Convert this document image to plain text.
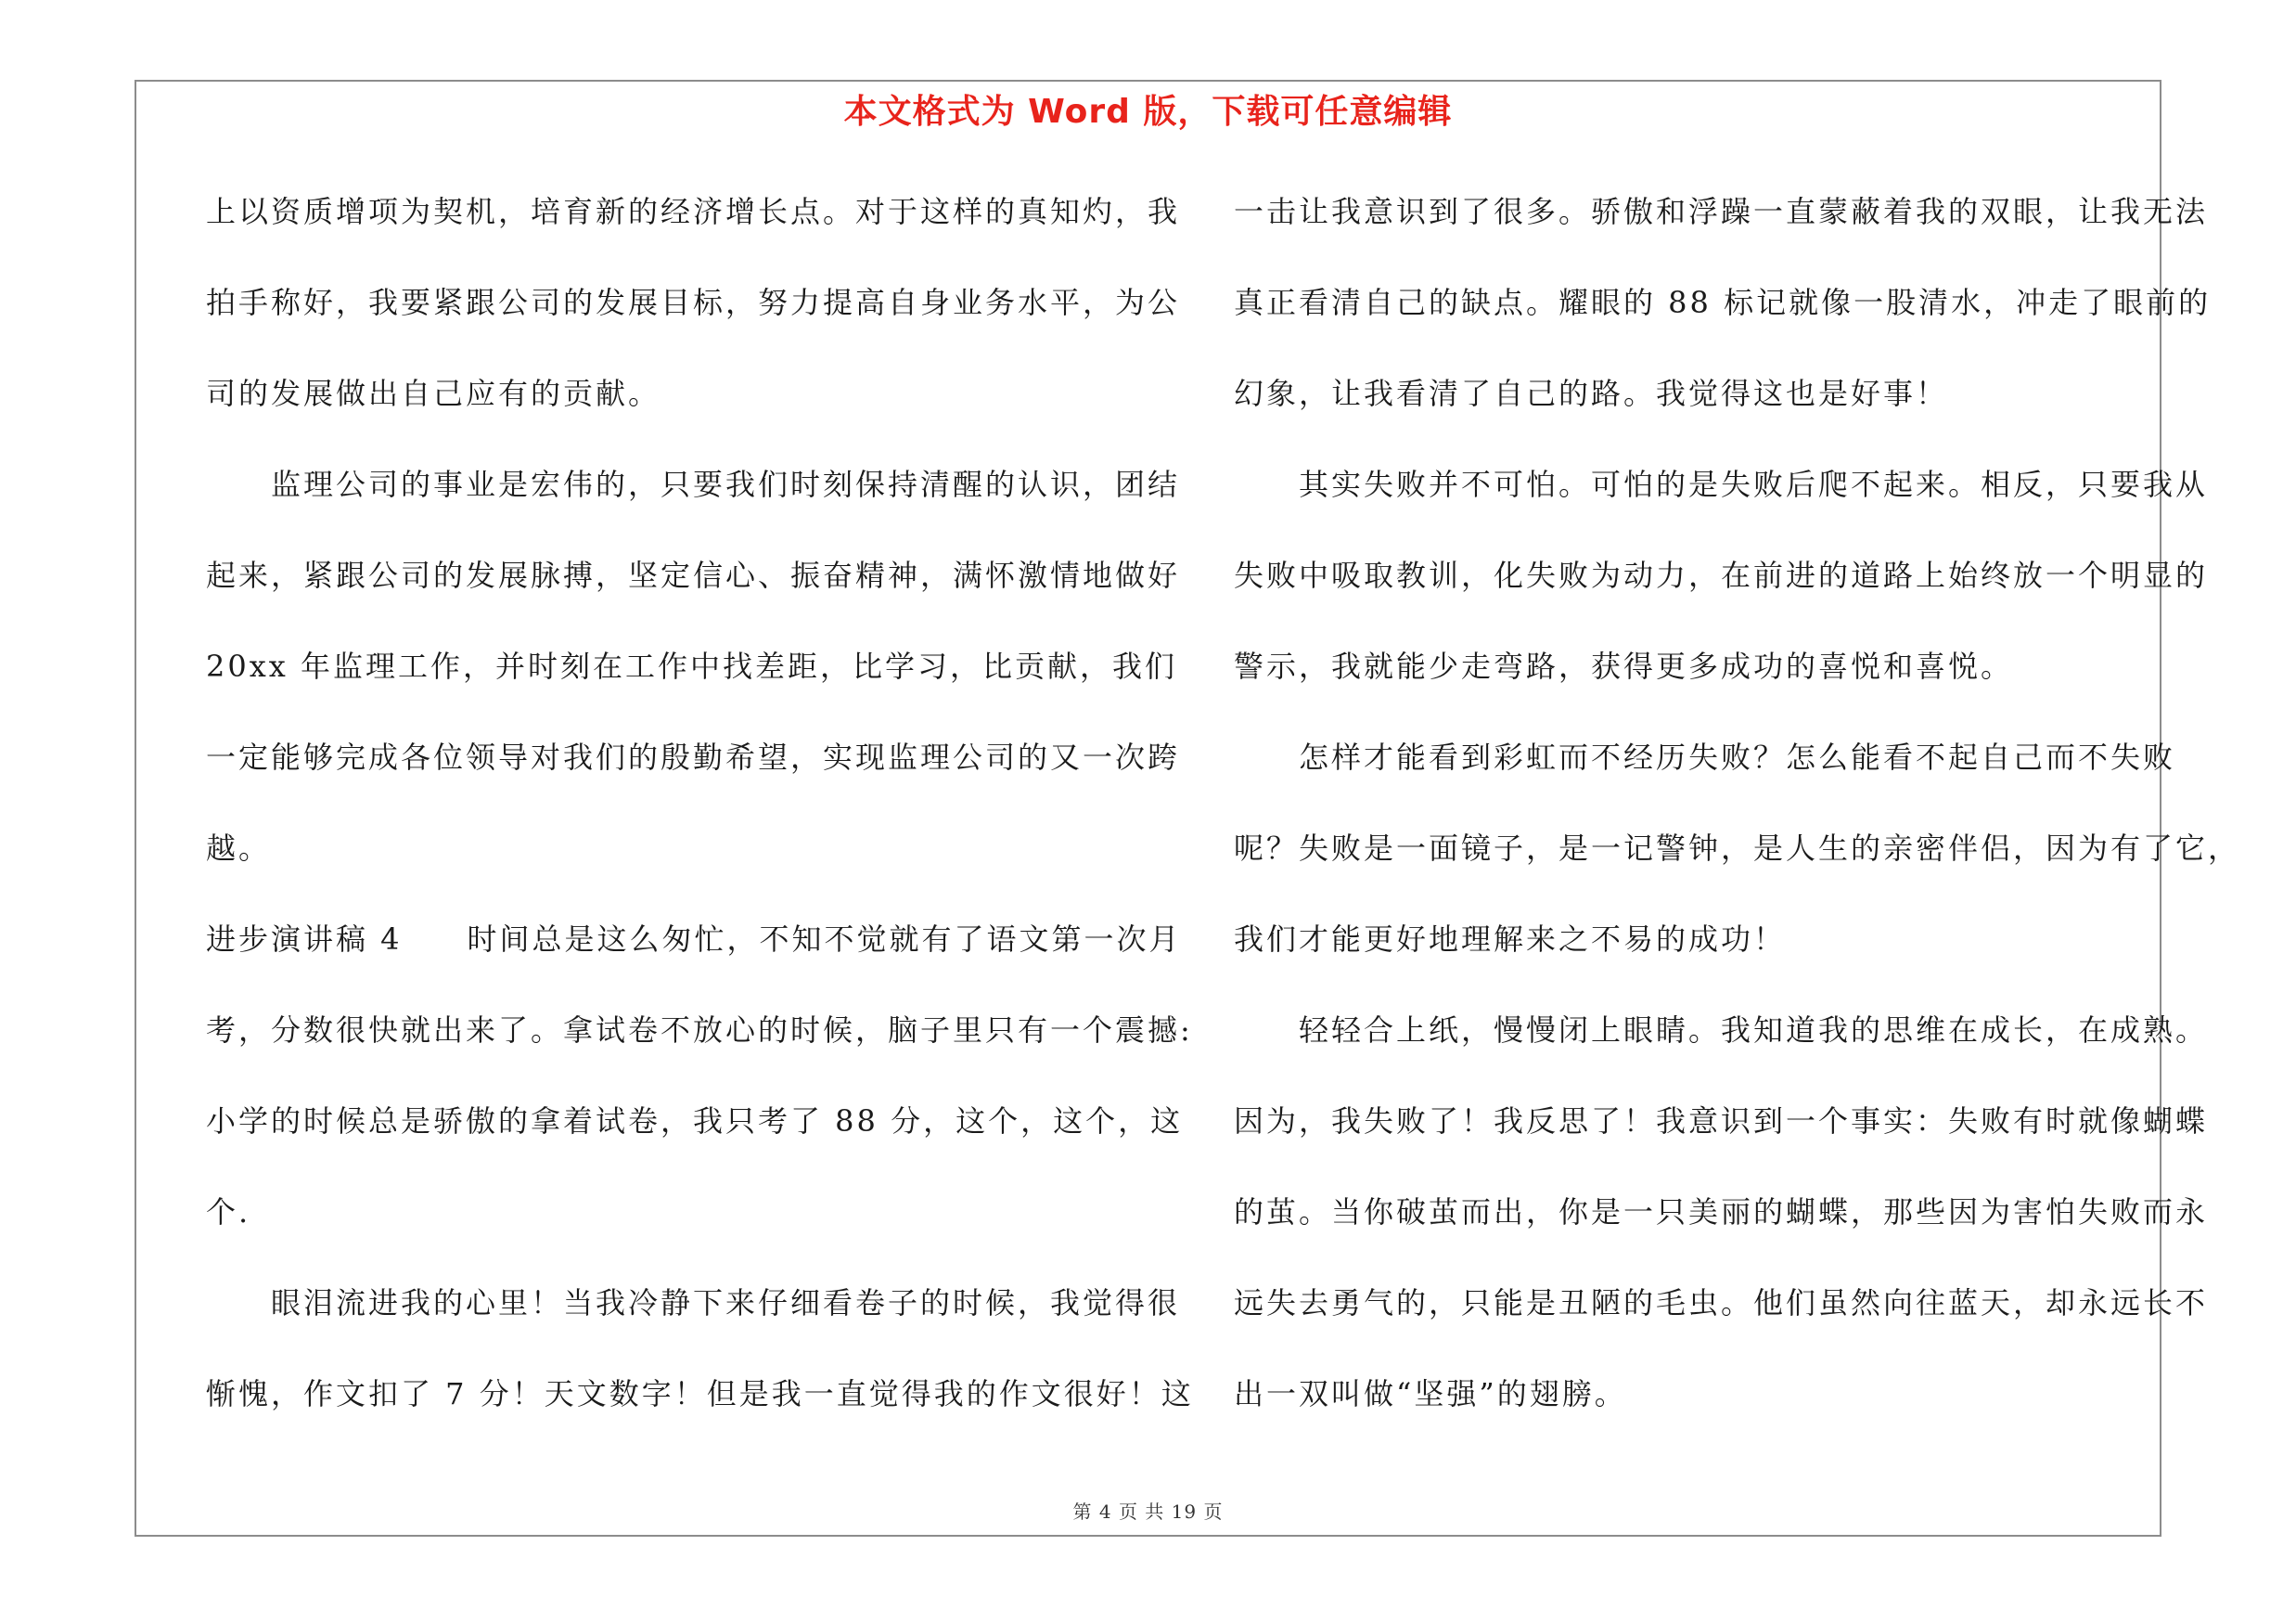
本文格式为 Word 版，下载可任意编辑
上以资质增项为契机，培育新的经济增长点。对于这样的真知灼，我
拍手称好，我要紧跟公司的发展目标，努力提高自身业务水平，为公
司的发展做出自己应有的贡献。
　　监理公司的事业是宏伟的，只要我们时刻保持清醒的认识，团结
起来，紧跟公司的发展脉搏，坚定信心、振奋精神，满怀激情地做好
20xx 年监理工作，并时刻在工作中找差距，比学习，比贡献，我们
一定能够完成各位领导对我们的殷勤希望，实现监理公司的又一次跨
越。
进步演讲稿 4　　时间总是这么匆忙，不知不觉就有了语文第一次月
考，分数很快就出来了。拿试卷不放心的时候，脑子里只有一个震撼:
小学的时候总是骄傲的拿着试卷，我只考了 88 分，这个，这个，这
个.
　　眼泪流进我的心里！当我冷静下来仔细看卷子的时候，我觉得很
惭愧，作文扣了 7 分！天文数字！但是我一直觉得我的作文很好！这
一击让我意识到了很多。骄傲和浮躁一直蒙蔽着我的双眼，让我无法
真正看清自己的缺点。耀眼的 88 标记就像一股清水，冲走了眼前的
幻象，让我看清了自己的路。我觉得这也是好事！
　　其实失败并不可怕。可怕的是失败后爬不起来。相反，只要我从
失败中吸取教训，化失败为动力，在前进的道路上始终放一个明显的
警示，我就能少走弯路，获得更多成功的喜悦和喜悦。
　　怎样才能看到彩虹而不经历失败？怎么能看不起自己而不失败
呢？失败是一面镜子，是一记警钟，是人生的亲密伴侣，因为有了它，
我们才能更好地理解来之不易的成功！
　　轻轻合上纸，慢慢闭上眼睛。我知道我的思维在成长，在成熟。
因为，我失败了！我反思了！我意识到一个事实：失败有时就像蝴蝶
的茧。当你破茧而出，你是一只美丽的蝴蝶，那些因为害怕失败而永
远失去勇气的，只能是丑陋的毛虫。他们虽然向往蓝天，却永远长不
出一双叫做“坚强”的翅膀。
第 4 页 共 19 页
